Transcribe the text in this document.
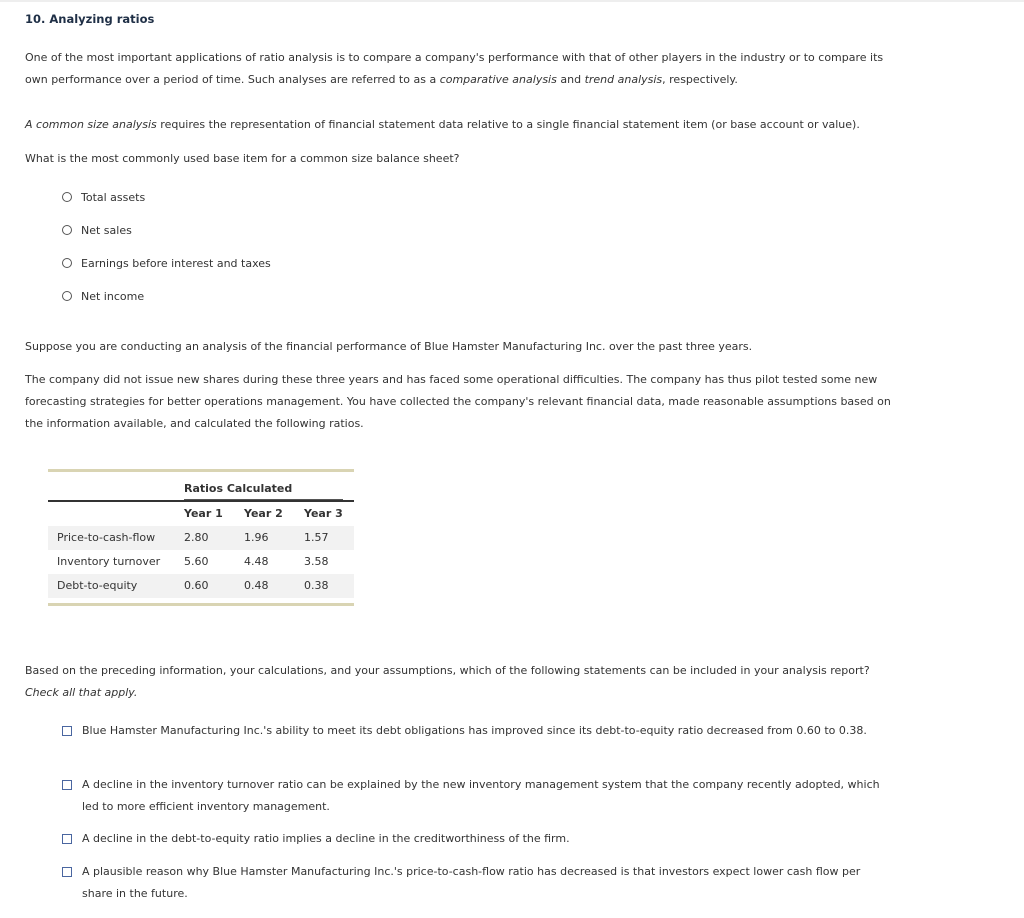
10. Analyzing ratios

One of the most important applications of ratio analysis is to compare a company's performance with that of other players in the industry or to compare its own performance over a period of time. Such analyses are referred to as a comparative analysis and trend analysis, respectively.

A common size analysis requires the representation of financial statement data relative to a single financial statement item (or base account or value).

What is the most commonly used base item for a common size balance sheet?

Total assets
Net sales
Earnings before interest and taxes
Net income

Suppose you are conducting an analysis of the financial performance of Blue Hamster Manufacturing Inc. over the past three years.

The company did not issue new shares during these three years and has faced some operational difficulties. The company has thus pilot tested some new forecasting strategies for better operations management. You have collected the company's relevant financial data, made reasonable assumptions based on the information available, and calculated the following ratios.

Ratios Calculated
Year 1 Year 2 Year 3
Price-to-cash-flow	2.80	1.96	1.57
Inventory turnover 5.60	4.48	3.58
Debt-to-equity	0.60	0.48	0.38

Based on the preceding information, your calculations, and your assumptions, which of the following statements can be included in your analysis report? Check all that apply.

Blue Hamster Manufacturing Inc.'s ability to meet its debt obligations has improved since its debt-to-equity ratio decreased from 0.60 to 0.38.
A decline in the inventory turnover ratio can be explained by the new inventory management system that the company recently adopted, which led to more efficient inventory management.
A decline in the debt-to-equity ratio implies a decline in the creditworthiness of the firm.
A plausible reason why Blue Hamster Manufacturing Inc.'s price-to-cash-flow ratio has decreased is that investors expect lower cash flow per share in the future.
